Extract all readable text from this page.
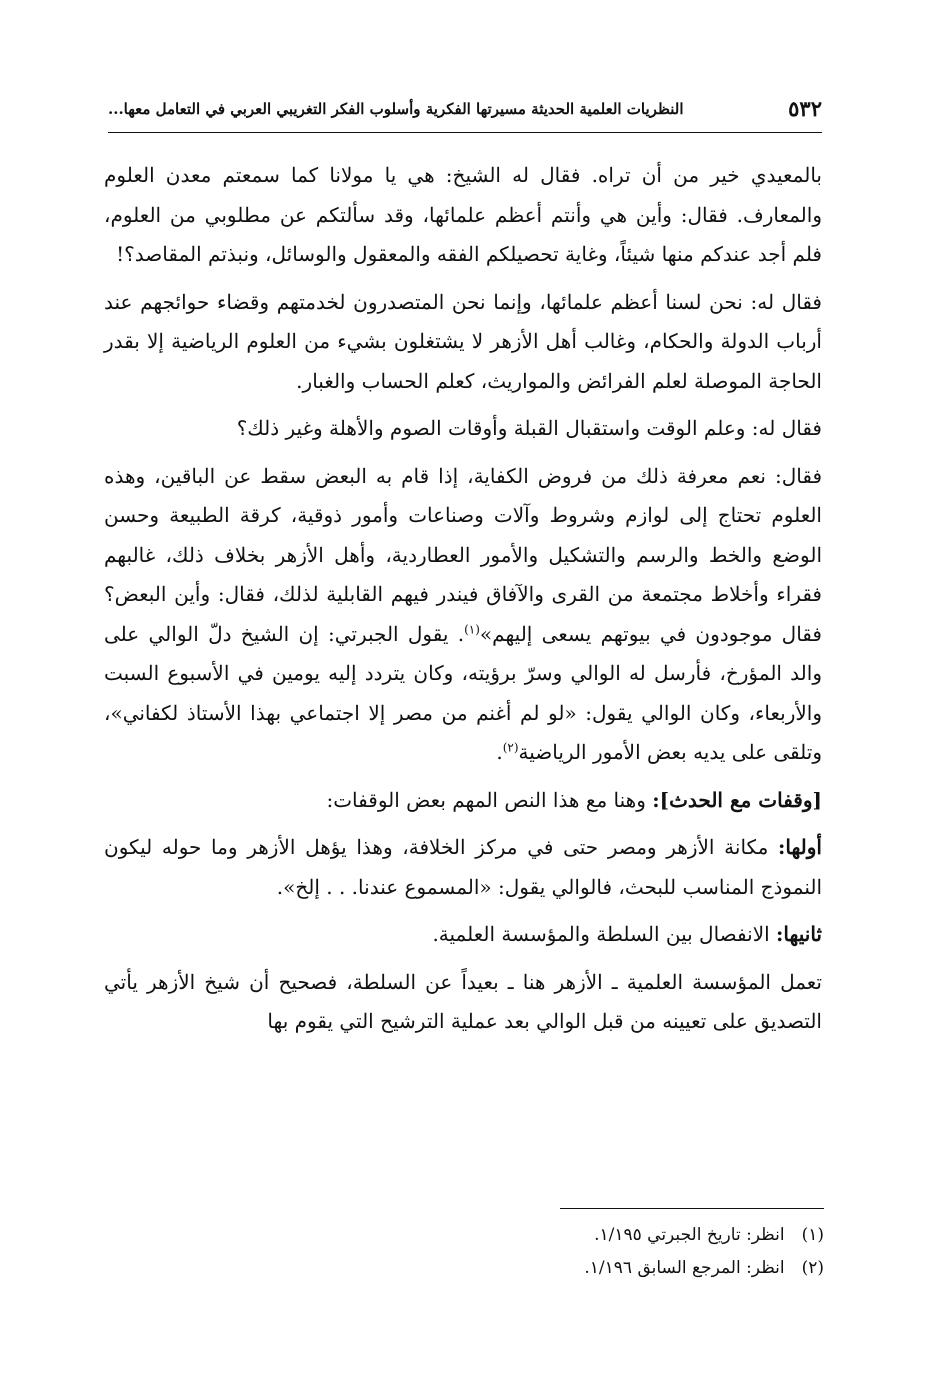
٥٣٢
النظريات العلمية الحديثة مسيرتها الفكرية وأسلوب الفكر التغريبي العربي في التعامل معها...

بالمعيدي خير من أن تراه. فقال له الشيخ: هي يا مولانا كما سمعتم معدن العلوم والمعارف. فقال: وأين هي وأنتم أعظم علمائها، وقد سألتكم عن مطلوبي من العلوم، فلم أجد عندكم منها شيئاً، وغاية تحصيلكم الفقه والمعقول والوسائل، ونبذتم المقاصد؟!

فقال له: نحن لسنا أعظم علمائها، وإنما نحن المتصدرون لخدمتهم وقضاء حوائجهم عند أرباب الدولة والحكام، وغالب أهل الأزهر لا يشتغلون بشيء من العلوم الرياضية إلا بقدر الحاجة الموصلة لعلم الفرائض والمواريث، كعلم الحساب والغبار.

فقال له: وعلم الوقت واستقبال القبلة وأوقات الصوم والأهلة وغير ذلك؟

فقال: نعم معرفة ذلك من فروض الكفاية، إذا قام به البعض سقط عن الباقين، وهذه العلوم تحتاج إلى لوازم وشروط وآلات وصناعات وأمور ذوقية، كرقة الطبيعة وحسن الوضع والخط والرسم والتشكيل والأمور العطاردية، وأهل الأزهر بخلاف ذلك، غالبهم فقراء وأخلاط مجتمعة من القرى والآفاق فيندر فيهم القابلية لذلك، فقال: وأين البعض؟ فقال موجودون في بيوتهم يسعى إليهم»$^{(١)}$. يقول الجبرتي: إن الشيخ دلّ الوالي على والد المؤرخ، فأرسل له الوالي وسرّ برؤيته، وكان يتردد إليه يومين في الأسبوع السبت والأربعاء، وكان الوالي يقول: «لو لم أغنم من مصر إلا اجتماعي بهذا الأستاذ لكفاني»، وتلقى على يديه بعض الأمور الرياضية$^{(٢)}$.

[وقفات مع الحدث]: وهنا مع هذا النص المهم بعض الوقفات:

أولها: مكانة الأزهر ومصر حتى في مركز الخلافة، وهذا يؤهل الأزهر وما حوله ليكون النموذج المناسب للبحث، فالوالي يقول: «المسموع عندنا. . . إلخ».

ثانيها: الانفصال بين السلطة والمؤسسة العلمية.

تعمل المؤسسة العلمية ـ الأزهر هنا ـ بعيداً عن السلطة، فصحيح أن شيخ الأزهر يأتي التصديق على تعيينه من قبل الوالي بعد عملية الترشيح التي يقوم بها

(١) انظر: تاريخ الجبرتي ١/١٩٥.
(٢) انظر: المرجع السابق ١/١٩٦.
